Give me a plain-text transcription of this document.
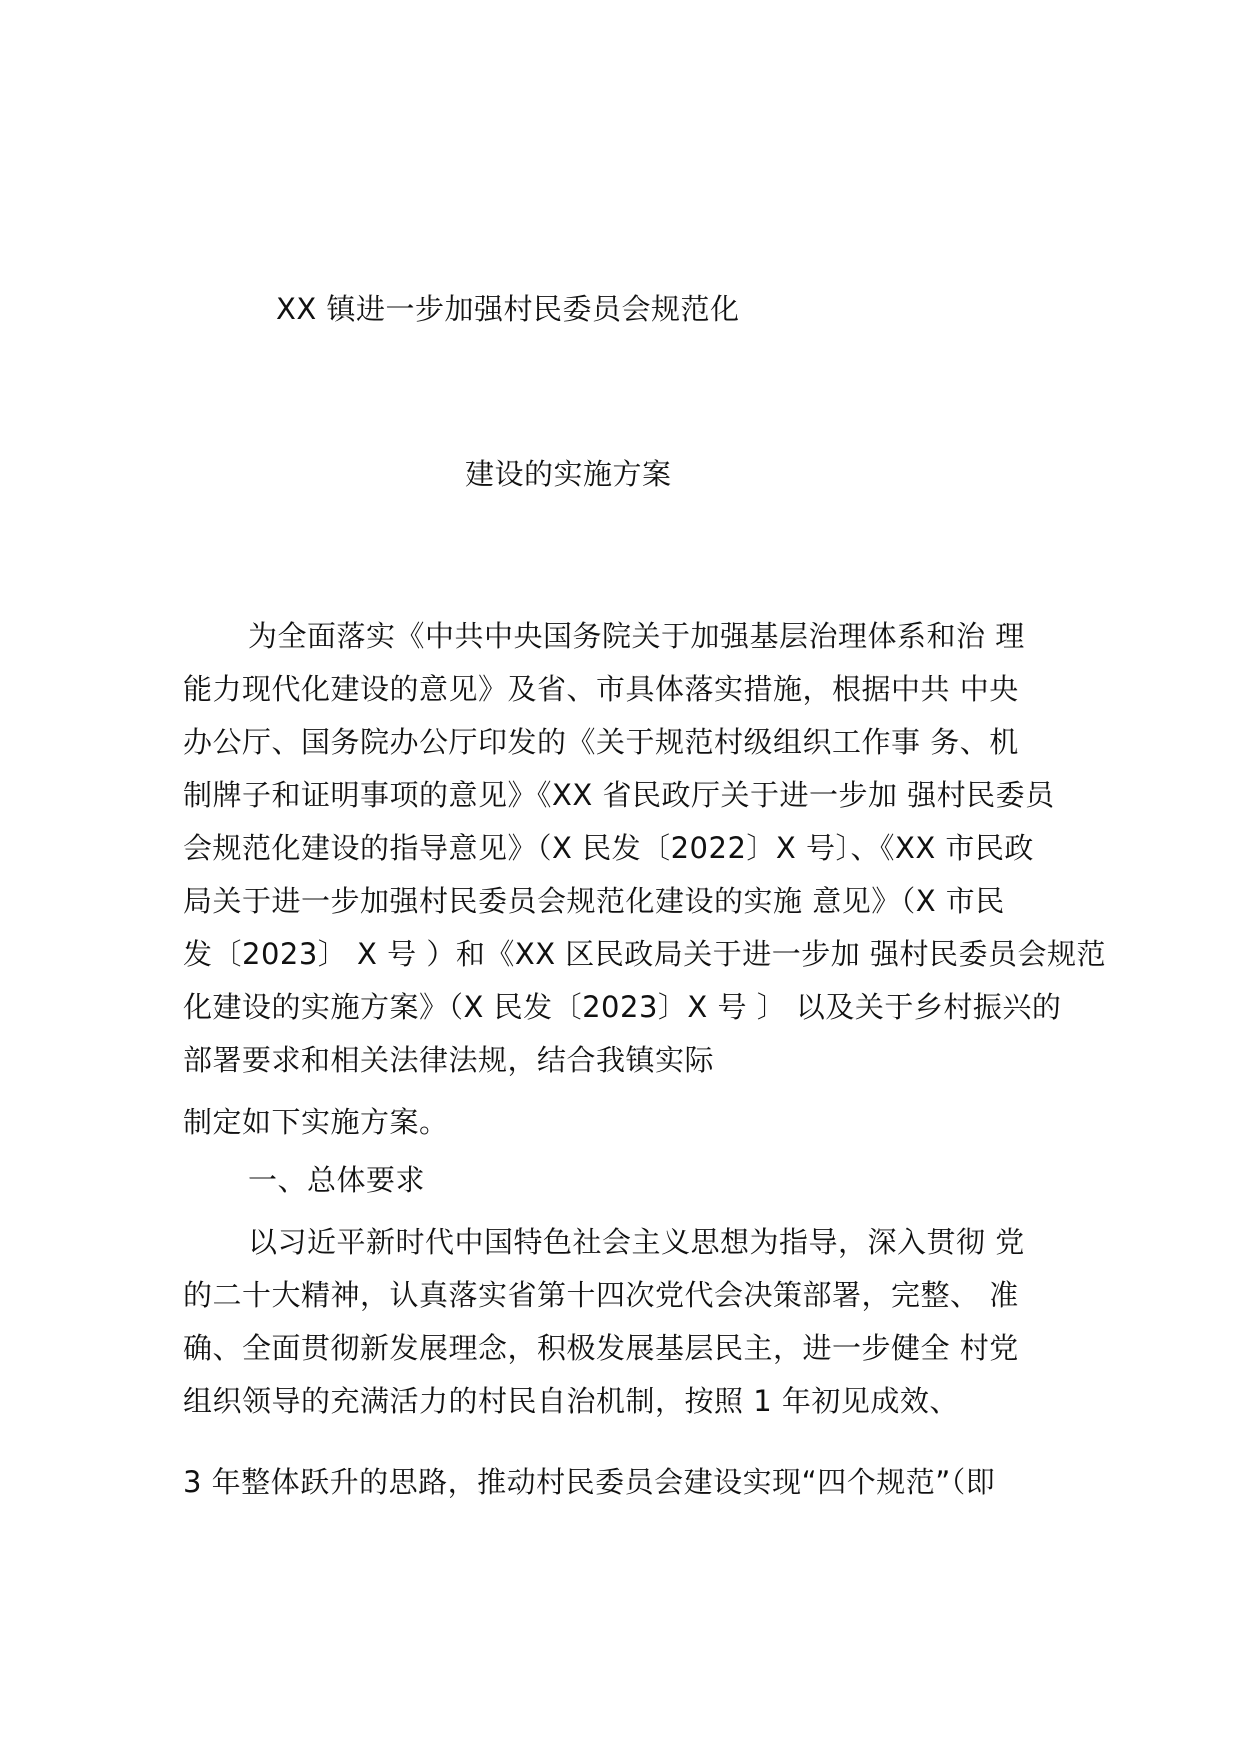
XX 镇进一步加强村民委员会规范化
建设的实施方案
为全面落实《中共中央国务院关于加强基层治理体系和治 理
能力现代化建设的意见》及省、市具体落实措施，根据中共 中央
办公厅、国务院办公厅印发的《关于规范村级组织工作事 务、机
制牌子和证明事项的意见》《XX 省民政厅关于进一步加 强村民委员
会规范化建设的指导意见》（X 民发〔2022〕X 号〕、《XX 市民政
局关于进一步加强村民委员会规范化建设的实施 意见》（X 市民
发〔2023〕 X 号 ）和《XX 区民政局关于进一步加 强村民委员会规范
化建设的实施方案》（X 民发〔2023〕X 号 〕 以及关于乡村振兴的
部署要求和相关法律法规，结合我镇实际
制定如下实施方案。
一、总体要求
以习近平新时代中国特色社会主义思想为指导，深入贯彻 党
的二十大精神，认真落实省第十四次党代会决策部署，完整、 准
确、全面贯彻新发展理念，积极发展基层民主，进一步健全 村党
组织领导的充满活力的村民自治机制，按照 1 年初见成效、
3 年整体跃升的思路，推动村民委员会建设实现“四个规范”（即
